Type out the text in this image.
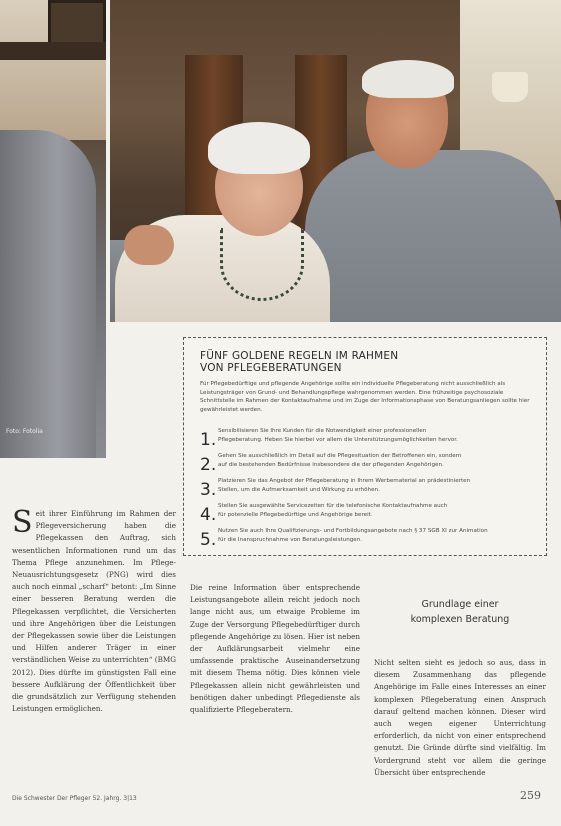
Foto: Fotolia
FÜNF GOLDENE REGELN IM RAHMEN
VON PFLEGEBERATUNGEN
Für Pflegebedürftige und pflegende Angehörige sollte ein individuelle Pflegeberatung nicht ausschließlich als Leistungsträger von Grund- und Behandlungspflege wahrgenommen werden. Eine frühzeitige psychosoziale Schnittstelle im Rahmen der Kontaktaufnahme und im Zuge der Informationsphase von Beratungsanliegen sollte hier gewährleistet werden.
1. Sensibilisieren Sie Ihre Kunden für die Notwendigkeit einer professionellen
Pflegeberatung. Heben Sie hierbei vor allem die Unterstützungsmöglichkeiten hervor.
2. Gehen Sie ausschließlich im Detail auf die Pflegesituation der Betroffenen ein, sondern
auf die bestehenden Bedürfnisse insbesondere die der pflegenden Angehörigen.
3. Platzieren Sie das Angebot der Pflegeberatung in Ihrem Werbematerial an prädestinierten
Stellen, um die Aufmerksamkeit und Wirkung zu erhöhen.
4. Stellen Sie ausgewählte Servicezeiten für die telefonische Kontaktaufnahme auch
für potenzielle Pflegebedürftige und Angehörige bereit.
5. Nutzen Sie auch Ihre Qualifizierungs- und Fortbildungsangebote nach § 37 SGB XI zur Animation
für die Inanspruchnahme von Beratungsleistungen.
Seit ihrer Einführung im Rahmen der Pflegeversicherung haben die Pflegekassen den Auftrag, sich wesentlichen Informationen rund um das Thema Pflege anzunehmen. Im Pflege-Neuausrichtungsgesetz (PNG) wird dies auch noch einmal „scharf“ betont: „Im Sinne einer besseren Beratung werden die Pflegekassen verpflichtet, die Versicherten und ihre Angehörigen über die Leistungen der Pflegekassen sowie über die Leistungen und Hilfen anderer Träger in einer verständlichen Weise zu unterrichten“ (BMG 2012). Dies dürfte im günstigsten Fall eine bessere Aufklärung der Öffentlichkeit über die grundsätzlich zur Verfügung stehenden Leistungen ermöglichen.
Die reine Information über entsprechende Leistungsangebote allein reicht jedoch noch lange nicht aus, um etwaige Probleme im Zuge der Versorgung Pflegebedürftiger durch pflegende Angehörige zu lösen. Hier ist neben der Aufklärungsarbeit vielmehr eine umfassende praktische Auseinandersetzung mit diesem Thema nötig. Dies können viele Pflegekassen allein nicht gewährleisten und benötigen daher unbedingt Pflegedienste als qualifizierte Pflegeberatern.
Grundlage einer
komplexen Beratung
Nicht selten sieht es jedoch so aus, dass in diesem Zusammenhang das pflegende Angehörige im Falle eines Interesses an einer komplexen Pflegeberatung einen Anspruch darauf geltend machen können. Dieser wird auch wegen eigener Unterrichtung erforderlich, da nicht von einer entsprechend genutzt. Die Gründe dürfte sind vielfältig. Im Vordergrund steht vor allem die geringe Übersicht über entsprechende
Die Schwester Der Pfleger 52. Jahrg. 3|13	259
